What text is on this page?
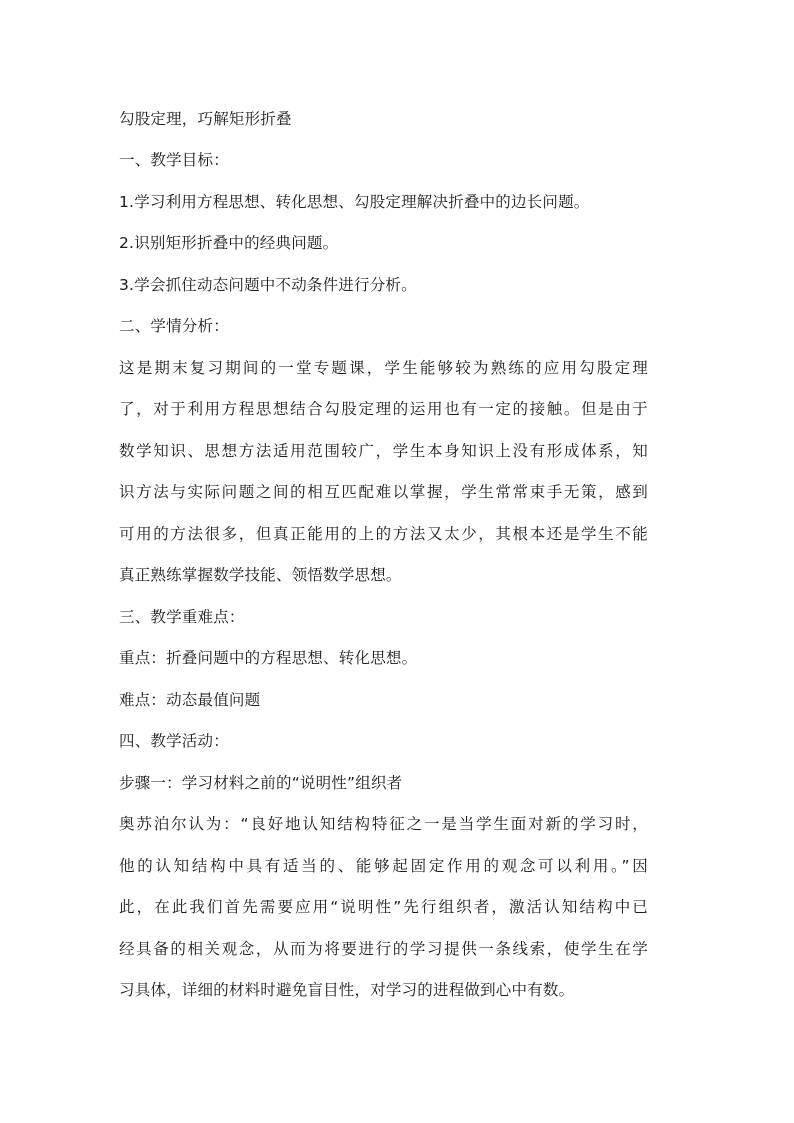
勾股定理，巧解矩形折叠
一、教学目标：
1.学习利用方程思想、转化思想、勾股定理解决折叠中的边长问题。
2.识别矩形折叠中的经典问题。
3.学会抓住动态问题中不动条件进行分析。
二、学情分析：
这是期末复习期间的一堂专题课，学生能够较为熟练的应用勾股定理
了，对于利用方程思想结合勾股定理的运用也有一定的接触。但是由于
数学知识、思想方法适用范围较广，学生本身知识上没有形成体系，知
识方法与实际问题之间的相互匹配难以掌握，学生常常束手无策，感到
可用的方法很多，但真正能用的上的方法又太少，其根本还是学生不能
真正熟练掌握数学技能、领悟数学思想。
三、教学重难点：
重点：折叠问题中的方程思想、转化思想。
难点：动态最值问题
四、教学活动：
步骤一：学习材料之前的“说明性”组织者
奥苏泊尔认为：“良好地认知结构特征之一是当学生面对新的学习时，
他的认知结构中具有适当的、能够起固定作用的观念可以利用。”因
此，在此我们首先需要应用“说明性”先行组织者，激活认知结构中已
经具备的相关观念，从而为将要进行的学习提供一条线索，使学生在学
习具体，详细的材料时避免盲目性，对学习的进程做到心中有数。
